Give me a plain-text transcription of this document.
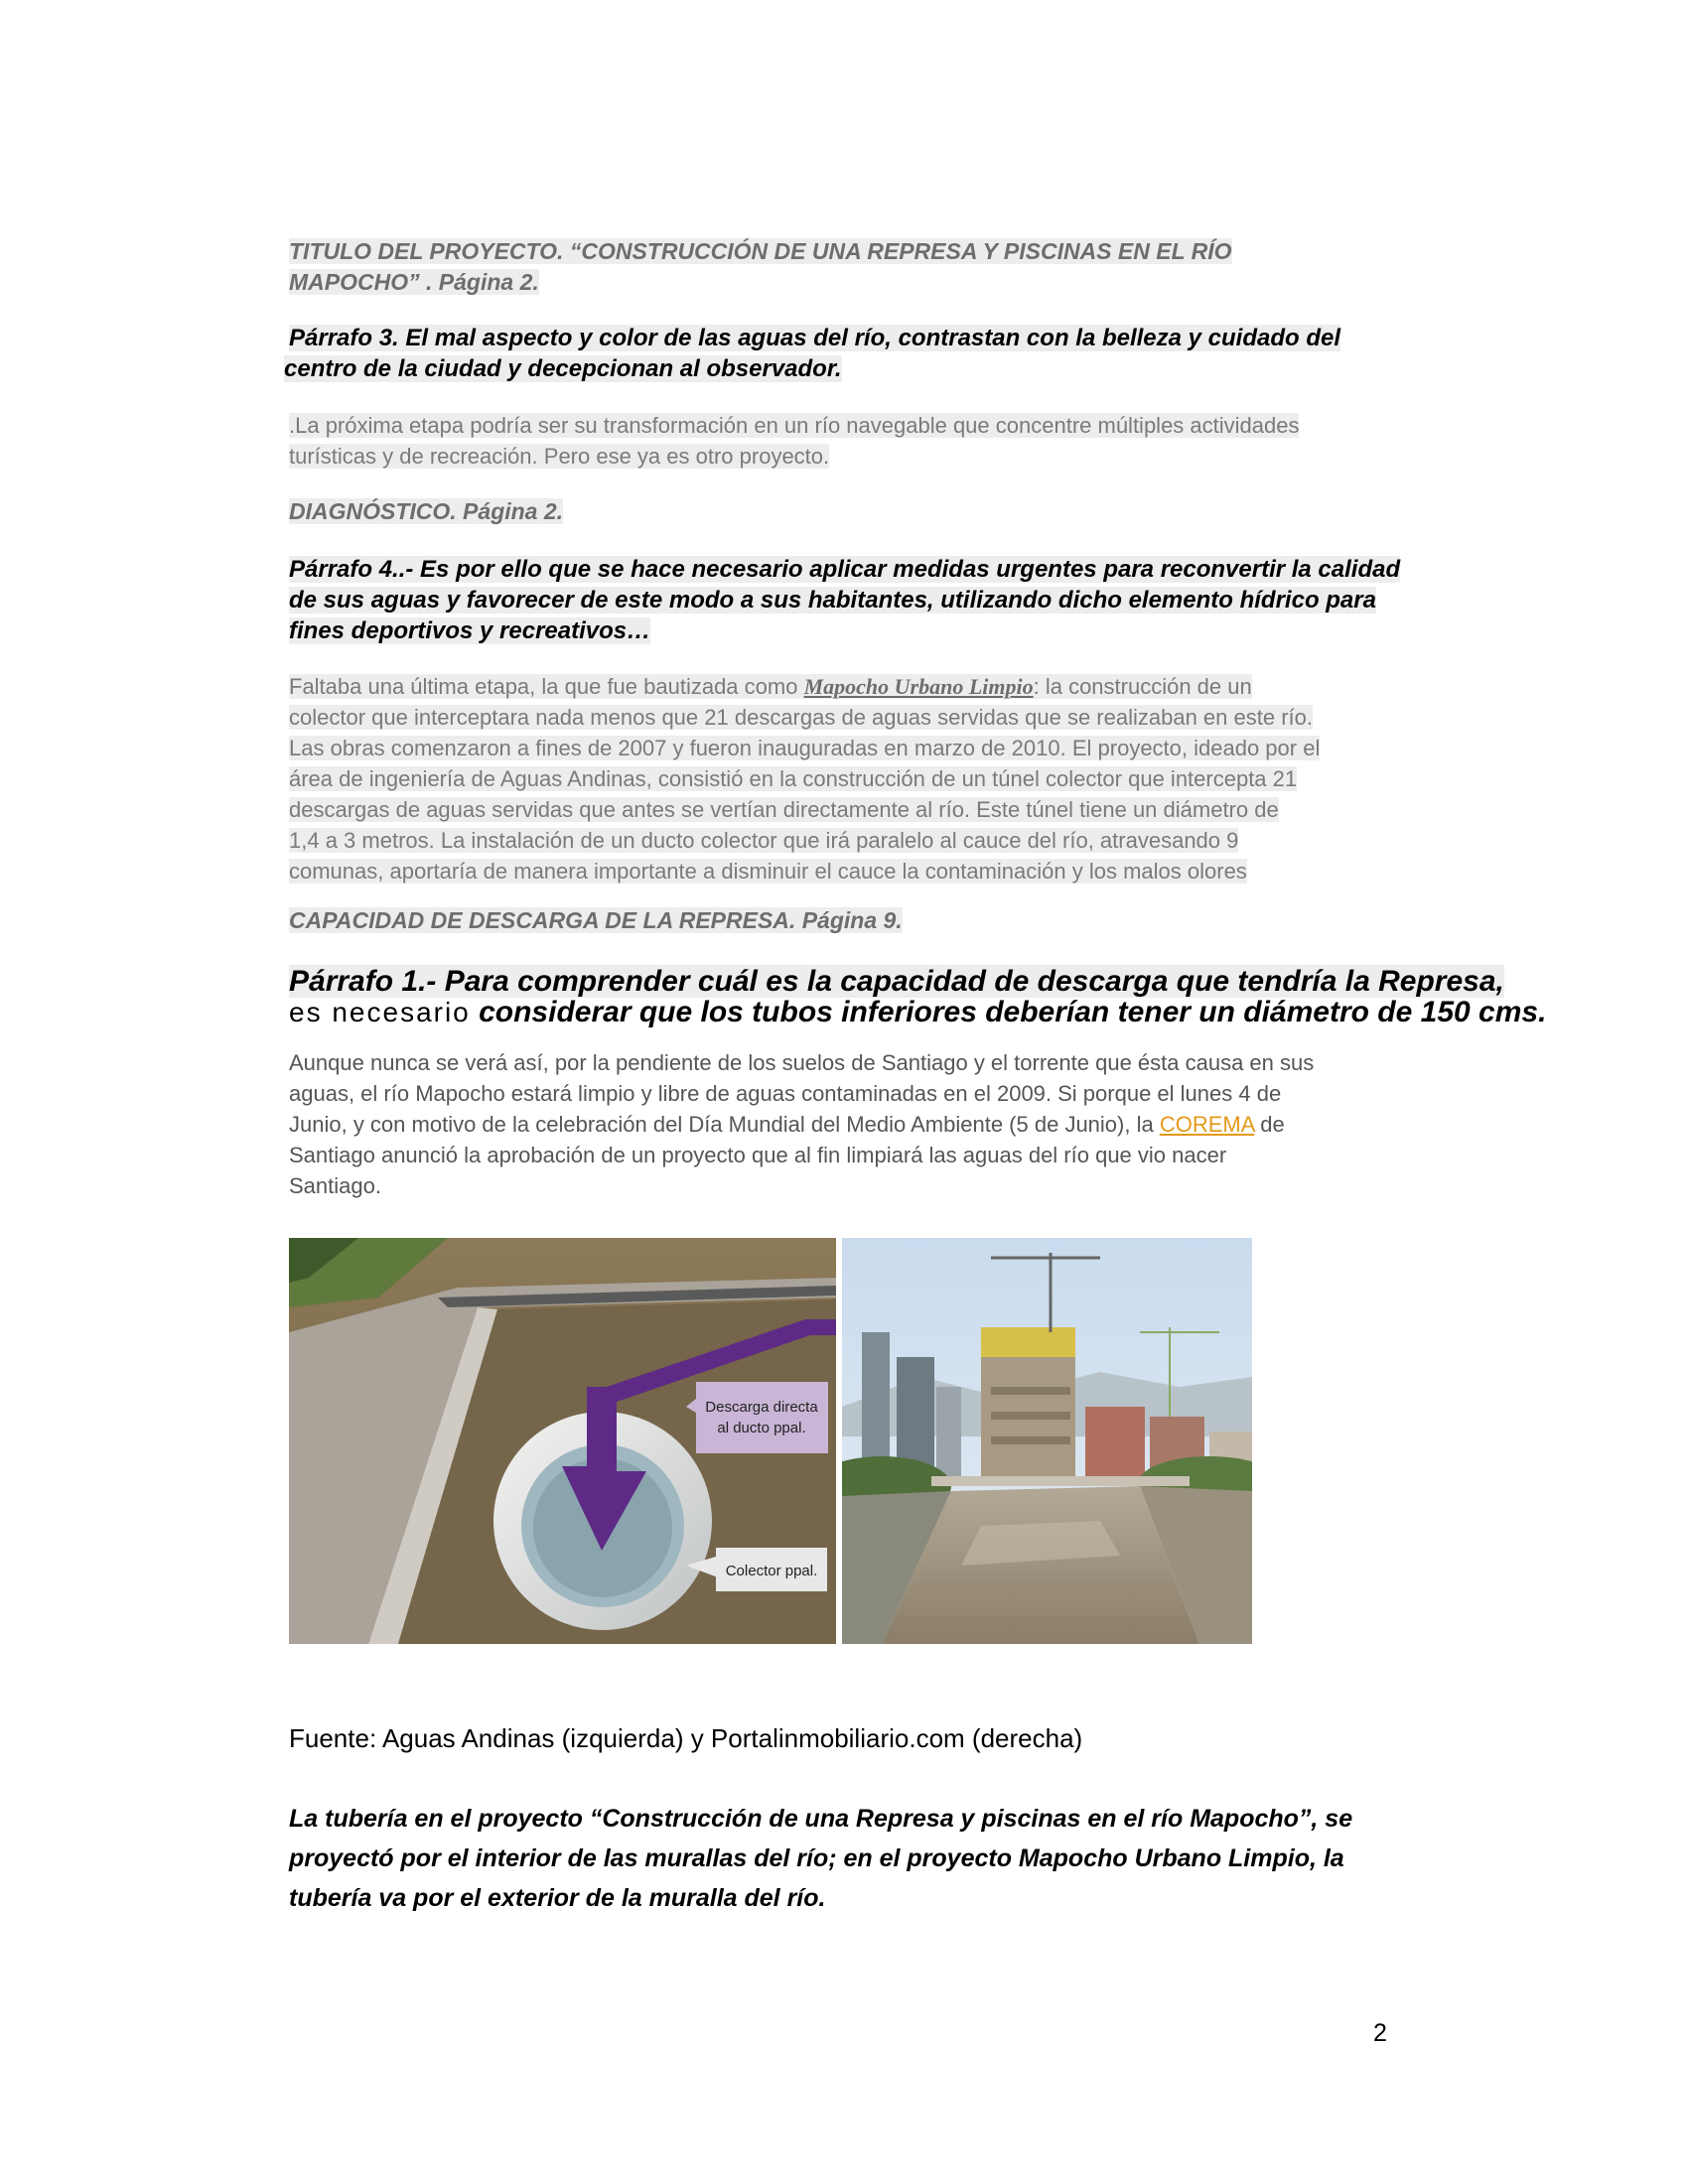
TITULO DEL PROYECTO. “CONSTRUCCIÓN DE UNA REPRESA Y PISCINAS EN EL RÍO
MAPOCHO” . Página 2.
Párrafo 3. El mal aspecto y color de las aguas del río, contrastan con la belleza y cuidado del
centro de la ciudad y decepcionan al observador.
.La próxima etapa podría ser su transformación en un río navegable que concentre múltiples actividades
turísticas y de recreación. Pero ese ya es otro proyecto.
DIAGNÓSTICO. Página 2.
Párrafo 4..- Es por ello que se hace necesario aplicar medidas urgentes para reconvertir la calidad
de sus aguas y favorecer de este modo a sus habitantes, utilizando dicho elemento hídrico para
fines deportivos y recreativos…
Faltaba una última etapa, la que fue bautizada como Mapocho Urbano Limpio: la construcción de un
colector que interceptara nada menos que 21 descargas de aguas servidas que se realizaban en este río.
Las obras comenzaron a fines de 2007 y fueron inauguradas en marzo de 2010. El proyecto, ideado por el
área de ingeniería de Aguas Andinas, consistió en la construcción de un túnel colector que intercepta 21
descargas de aguas servidas que antes se vertían directamente al río. Este túnel tiene un diámetro de
1,4 a 3 metros. La instalación de un ducto colector que irá paralelo al cauce del río, atravesando 9
comunas, aportaría de manera importante a disminuir el cauce la contaminación y los malos olores
CAPACIDAD DE DESCARGA DE LA REPRESA. Página 9.
Párrafo 1.- Para comprender cuál es la capacidad de descarga que tendría la Represa,
es necesario considerar que los tubos inferiores deberían tener un diámetro de 150 cms.
Aunque nunca se verá así, por la pendiente de los suelos de Santiago y el torrente que ésta causa en sus
aguas, el río Mapocho estará limpio y libre de aguas contaminadas en el 2009. Si porque el lunes 4 de
Junio, y con motivo de la celebración del Día Mundial del Medio Ambiente (5 de Junio), la COREMA de
Santiago anunció la aprobación de un proyecto que al fin limpiará las aguas del río que vio nacer
Santiago.
Descarga directa
al ducto ppal.
Colector ppal.
Fuente: Aguas Andinas (izquierda) y Portalinmobiliario.com (derecha)
La tubería en el proyecto “Construcción de una Represa y piscinas en el río Mapocho”, se
proyectó por el interior de las murallas del río; en el proyecto Mapocho Urbano Limpio, la
tubería va por el exterior de la muralla del río.
2
